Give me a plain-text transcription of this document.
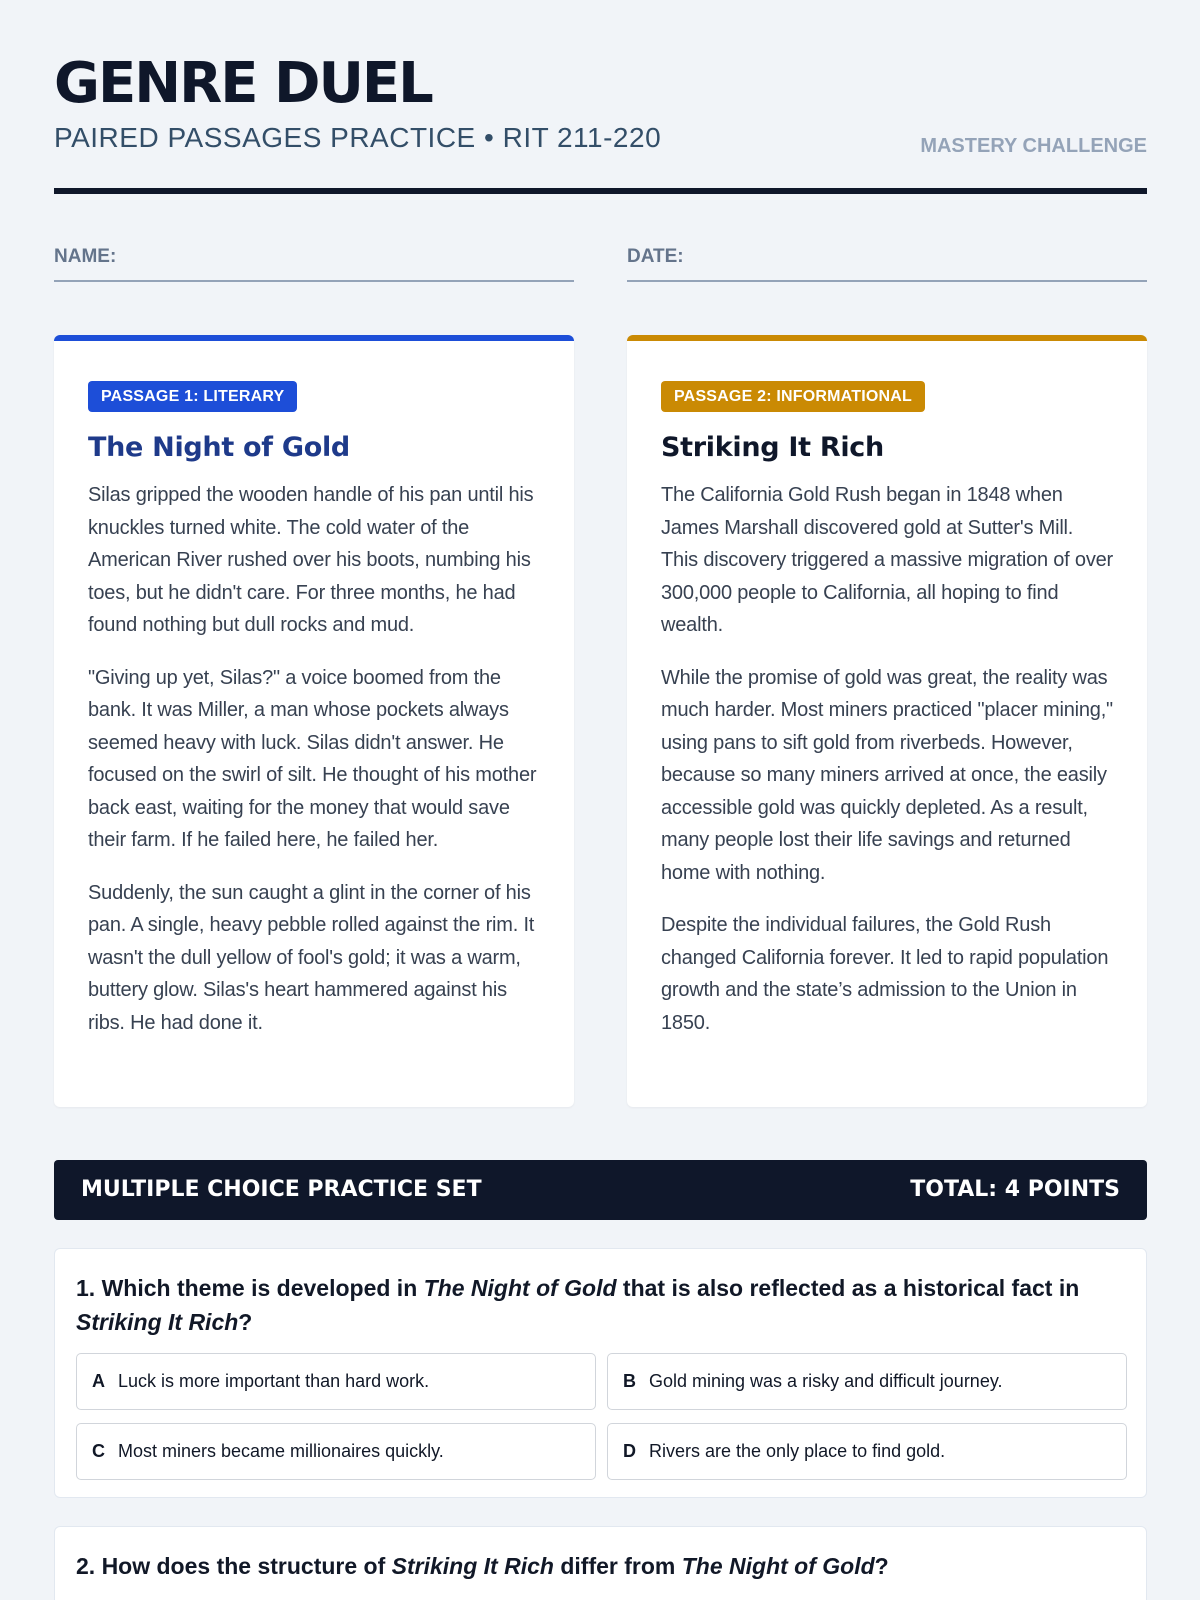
GENRE DUEL
PAIRED PASSAGES PRACTICE • RIT 211-220	MASTERY CHALLENGE
NAME:	DATE:
PASSAGE 1: LITERARY
The Night of Gold

Silas gripped the wooden handle of his pan until his knuckles turned white. The cold water of the American River rushed over his boots, numbing his toes, but he didn't care. For three months, he had found nothing but dull rocks and mud.

"Giving up yet, Silas?" a voice boomed from the bank. It was Miller, a man whose pockets always seemed heavy with luck. Silas didn't answer. He focused on the swirl of silt. He thought of his mother back east, waiting for the money that would save their farm. If he failed here, he failed her.

Suddenly, the sun caught a glint in the corner of his pan. A single, heavy pebble rolled against the rim. It wasn't the dull yellow of fool's gold; it was a warm, buttery glow. Silas's heart hammered against his ribs. He had done it.

PASSAGE 2: INFORMATIONAL
Striking It Rich

The California Gold Rush began in 1848 when James Marshall discovered gold at Sutter's Mill. This discovery triggered a massive migration of over 300,000 people to California, all hoping to find wealth.

While the promise of gold was great, the reality was much harder. Most miners practiced "placer mining," using pans to sift gold from riverbeds. However, because so many miners arrived at once, the easily accessible gold was quickly depleted. As a result, many people lost their life savings and returned home with nothing.

Despite the individual failures, the Gold Rush changed California forever. It led to rapid population growth and the state’s admission to the Union in 1850.

MULTIPLE CHOICE PRACTICE SET	TOTAL: 4 POINTS
1. Which theme is developed in The Night of Gold that is also reflected as a historical fact in Striking It Rich?
A Luck is more important than hard work.	B Gold mining was a risky and difficult journey.
C Most miners became millionaires quickly.	D Rivers are the only place to find gold.
2. How does the structure of Striking It Rich differ from The Night of Gold?
